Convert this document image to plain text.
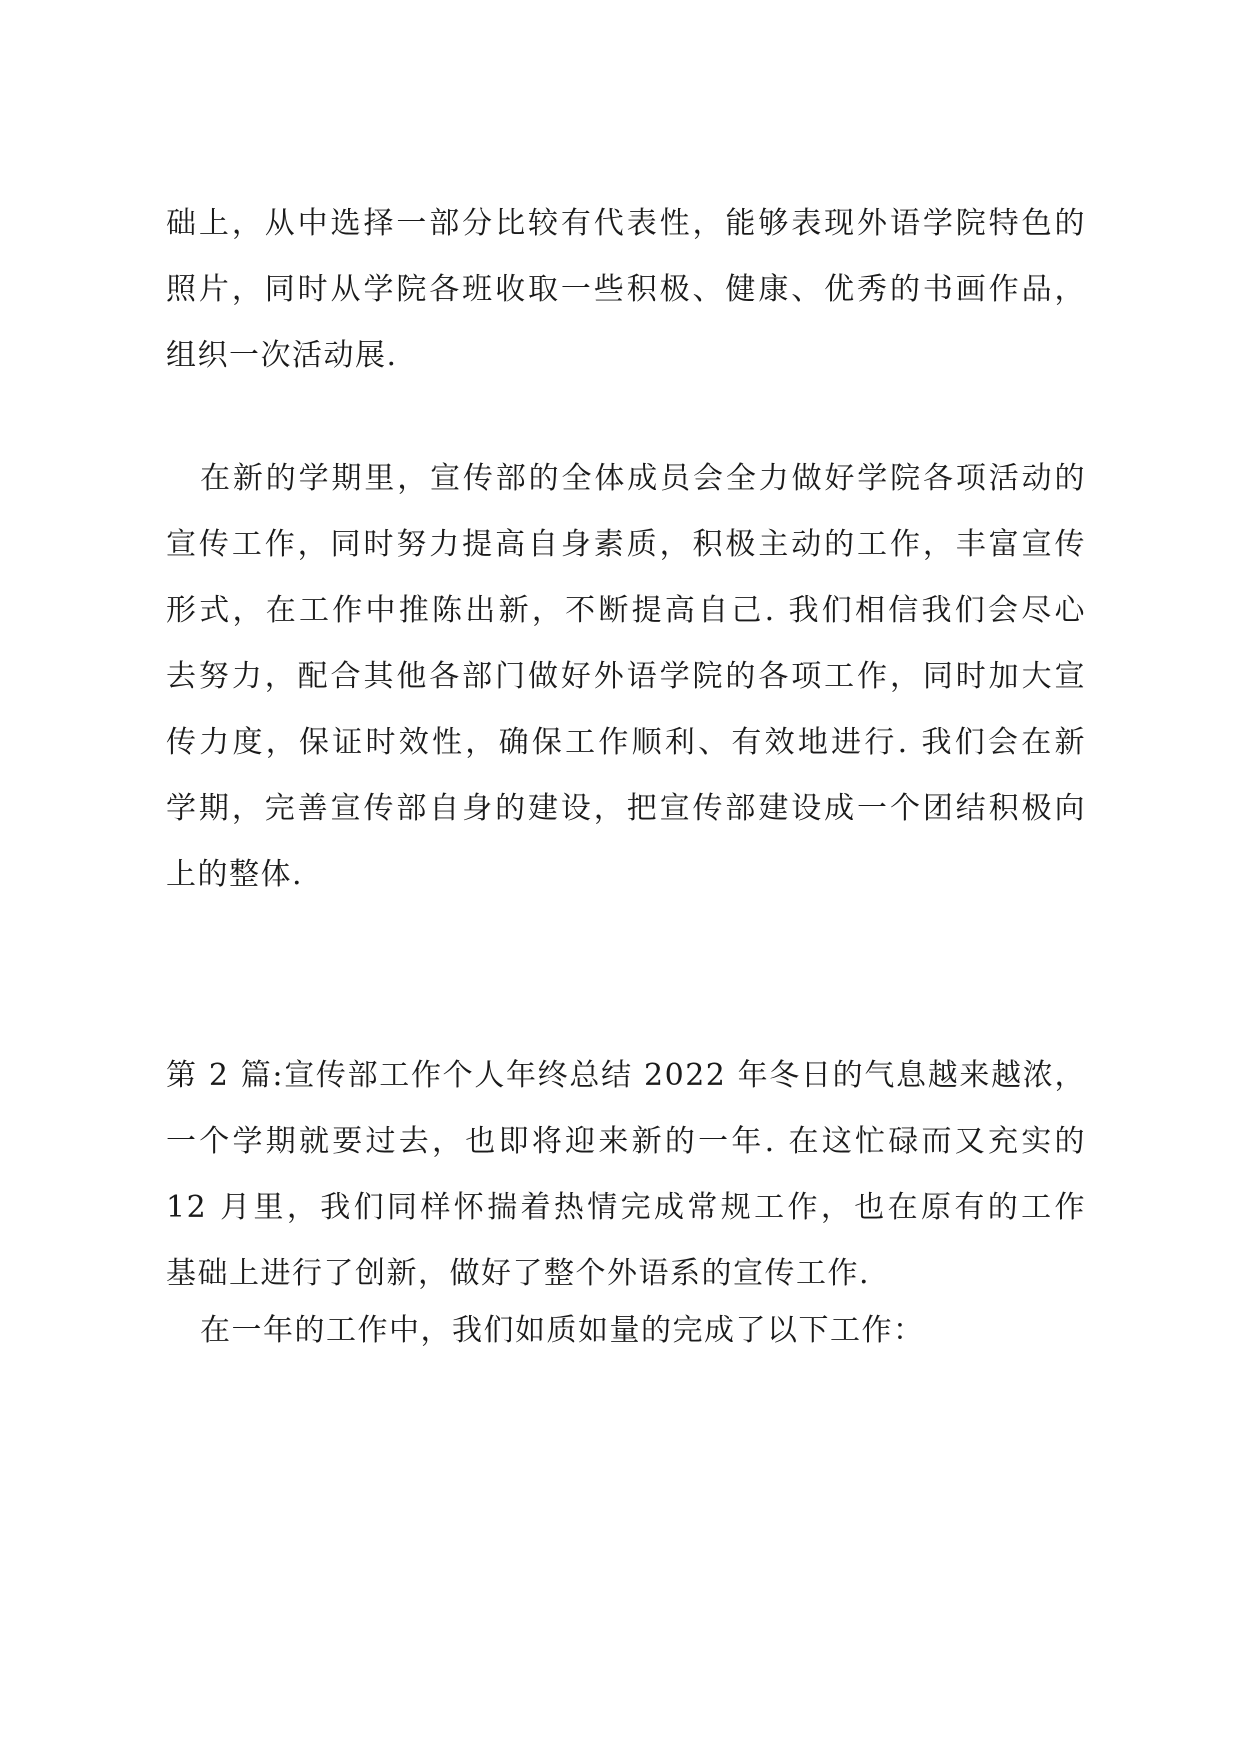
础上，从中选择一部分比较有代表性，能够表现外语学院特色的
照片，同时从学院各班收取一些积极、健康、优秀的书画作品，
组织一次活动展.
在新的学期里，宣传部的全体成员会全力做好学院各项活动的
宣传工作，同时努力提高自身素质，积极主动的工作，丰富宣传
形式，在工作中推陈出新，不断提高自己. 我们相信我们会尽心
去努力，配合其他各部门做好外语学院的各项工作，同时加大宣
传力度，保证时效性，确保工作顺利、有效地进行. 我们会在新
学期，完善宣传部自身的建设，把宣传部建设成一个团结积极向
上的整体.
第 2 篇:宣传部工作个人年终总结 2022 年冬日的气息越来越浓，
一个学期就要过去，也即将迎来新的一年. 在这忙碌而又充实的
12 月里，我们同样怀揣着热情完成常规工作，也在原有的工作
基础上进行了创新，做好了整个外语系的宣传工作.
在一年的工作中，我们如质如量的完成了以下工作：
